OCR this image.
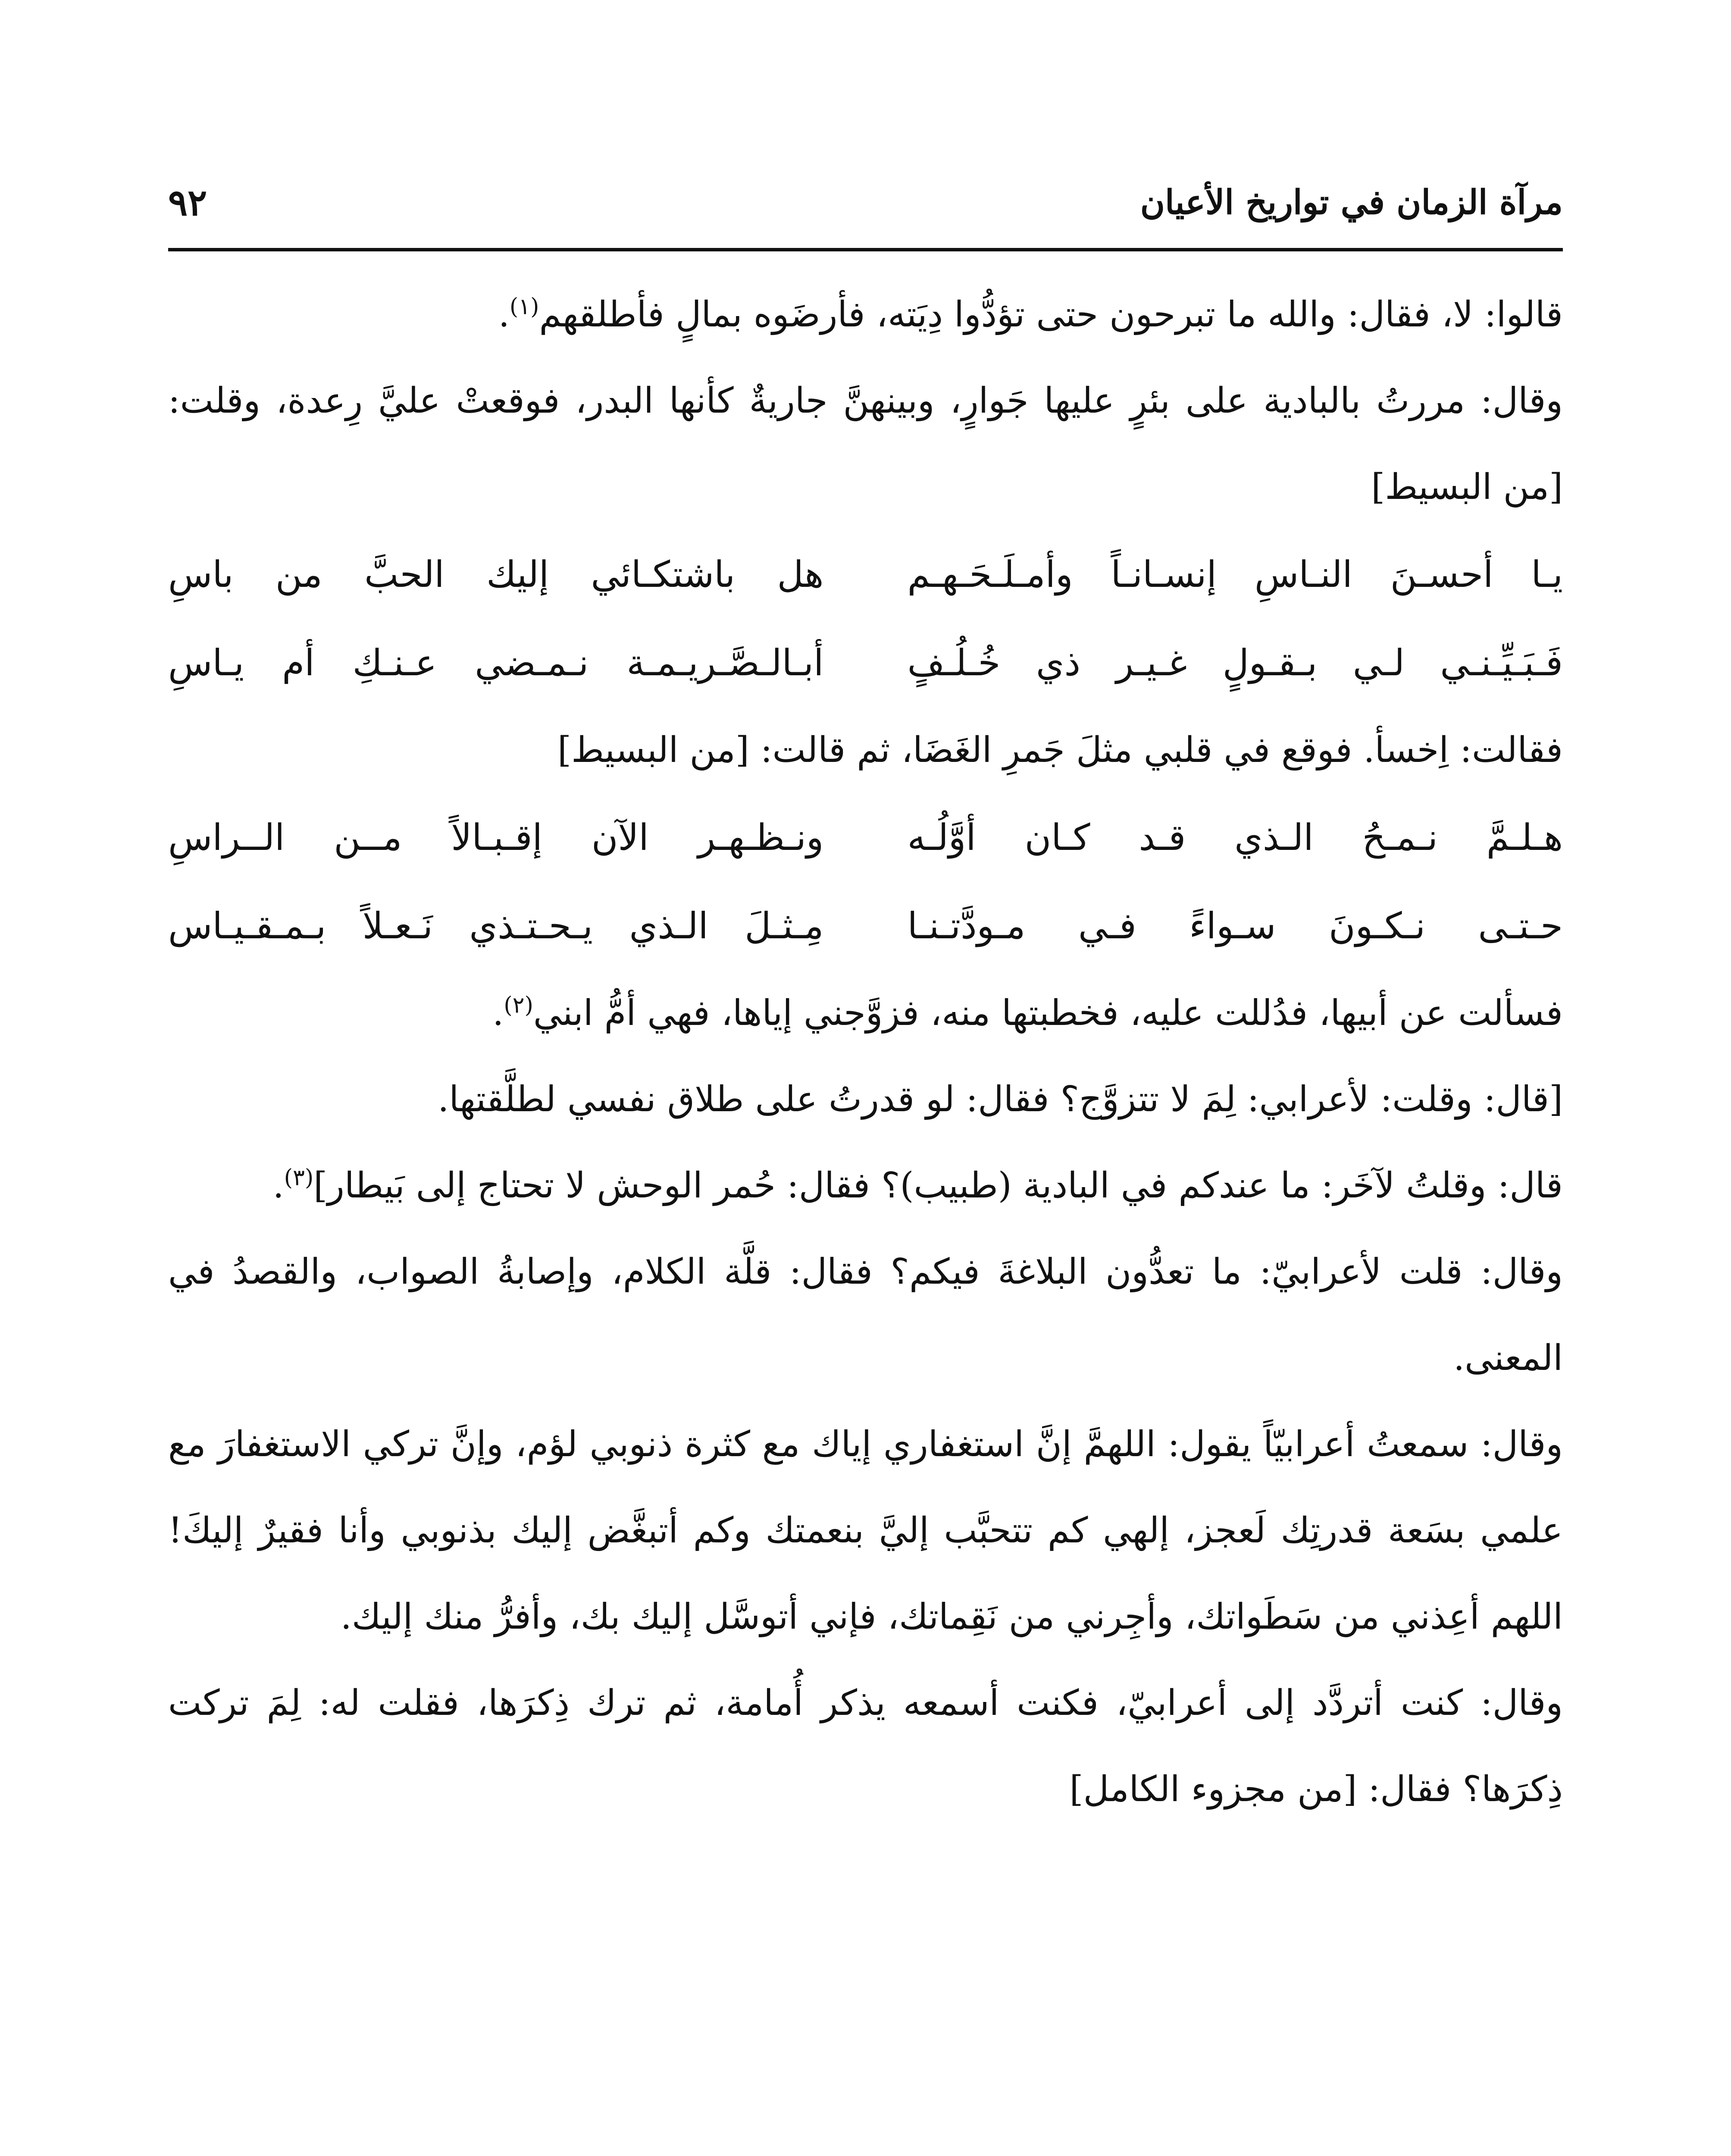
مرآة الزمان في تواريخ الأعيان
٩٢

قالوا: لا، فقال: والله ما تبرحون حتى تؤدُّوا دِيَته، فأرضَوه بمالٍ فأطلقهم$^{(١)}$.

وقال: مررتُ بالبادية على بئرٍ عليها جَوارٍ، وبينهنَّ جاريةٌ كأنها البدر، فوقعتْ عليَّ رِعدة، وقلت: [من البسيط]

يـا أحسـنَ النـاسِ إنسـانـاً وأمـلَـحَـهـم
هل باشتكـائي إليك الحبَّ من باسِ
فَـبَـيِّـنـي لـي بـقـولٍ غـيـر ذي خُـلُـفٍ
أبـالـصَّـريـمـة نـمـضي عـنـكِ أم يـاسِ

فقالت: اِخسأ. فوقع في قلبي مثلَ جَمرِ الغَضَا، ثم قالت: [من البسيط]

هـلـمَّ نـمـحُ الـذي قـد كـان أوَّلُـه
ونـظـهـر الآن إقـبـالاً مــن الــراسِ
حـتـى نـكـونَ سـواءً فـي مـودَّتـنـا
مِـثـلَ الـذي يـحـتـذي نَـعـلاً بـمـقـيـاس

فسألت عن أبيها، فدُللت عليه، فخطبتها منه، فزوَّجني إياها، فهي أمُّ ابني$^{(٢)}$.

[قال: وقلت: لأعرابي: لِمَ لا تتزوَّج؟ فقال: لو قدرتُ على طلاق نفسي لطلَّقتها.

قال: وقلتُ لآخَر: ما عندكم في البادية (طبيب)؟ فقال: حُمر الوحش لا تحتاج إلى بَيطار]$^{(٣)}$.

وقال: قلت لأعرابيّ: ما تعدُّون البلاغةَ فيكم؟ فقال: قلَّة الكلام، وإصابةُ الصواب، والقصدُ في المعنى.

وقال: سمعتُ أعرابيّاً يقول: اللهمَّ إنَّ استغفاري إياك مع كثرة ذنوبي لؤم، وإنَّ تركي الاستغفارَ مع علمي بسَعة قدرتِك لَعجز، إلهي كم تتحبَّب إليَّ بنعمتك وكم أتبغَّض إليك بذنوبي وأنا فقيرٌ إليكَ! اللهم أعِذني من سَطَواتك، وأجِرني من نَقِماتك، فإني أتوسَّل إليك بك، وأفرُّ منك إليك.

وقال: كنت أتردَّد إلى أعرابيّ، فكنت أسمعه يذكر أُمامة، ثم ترك ذِكرَها، فقلت له: لِمَ تركت ذِكرَها؟ فقال: [من مجزوء الكامل]
